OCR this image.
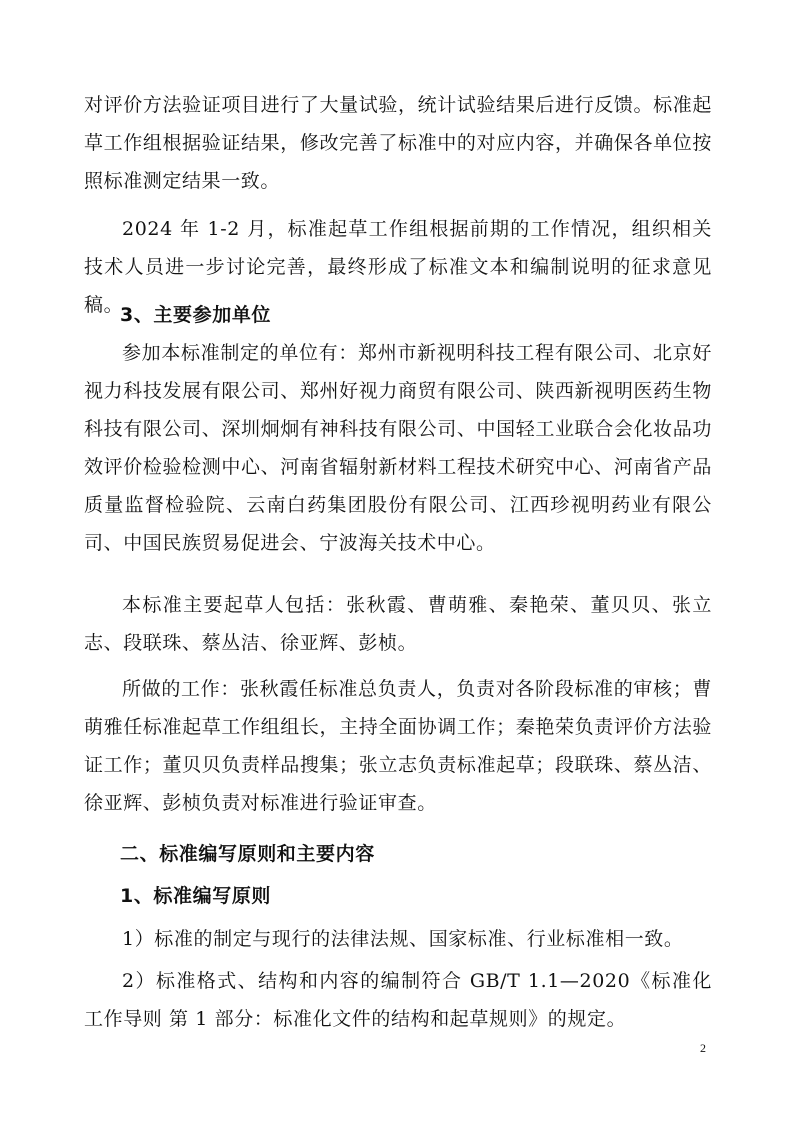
对评价方法验证项目进行了大量试验，统计试验结果后进行反馈。标准起草工作组根据验证结果，修改完善了标准中的对应内容，并确保各单位按照标准测定结果一致。
2024 年 1-2 月，标准起草工作组根据前期的工作情况，组织相关技术人员进一步讨论完善，最终形成了标准文本和编制说明的征求意见稿。
3、主要参加单位
参加本标准制定的单位有：郑州市新视明科技工程有限公司、北京好视力科技发展有限公司、郑州好视力商贸有限公司、陕西新视明医药生物科技有限公司、深圳炯炯有神科技有限公司、中国轻工业联合会化妆品功效评价检验检测中心、河南省辐射新材料工程技术研究中心、河南省产品质量监督检验院、云南白药集团股份有限公司、江西珍视明药业有限公司、中国民族贸易促进会、宁波海关技术中心。
本标准主要起草人包括：张秋霞、曹萌雅、秦艳荣、董贝贝、张立志、段联珠、蔡丛洁、徐亚辉、彭桢。
所做的工作：张秋霞任标准总负责人，负责对各阶段标准的审核；曹萌雅任标准起草工作组组长，主持全面协调工作；秦艳荣负责评价方法验证工作；董贝贝负责样品搜集；张立志负责标准起草；段联珠、蔡丛洁、徐亚辉、彭桢负责对标准进行验证审查。
二、标准编写原则和主要内容
1、标准编写原则
1）标准的制定与现行的法律法规、国家标准、行业标准相一致。
2）标准格式、结构和内容的编制符合 GB/T 1.1—2020《标准化工作导则 第 1 部分：标准化文件的结构和起草规则》的规定。
2
